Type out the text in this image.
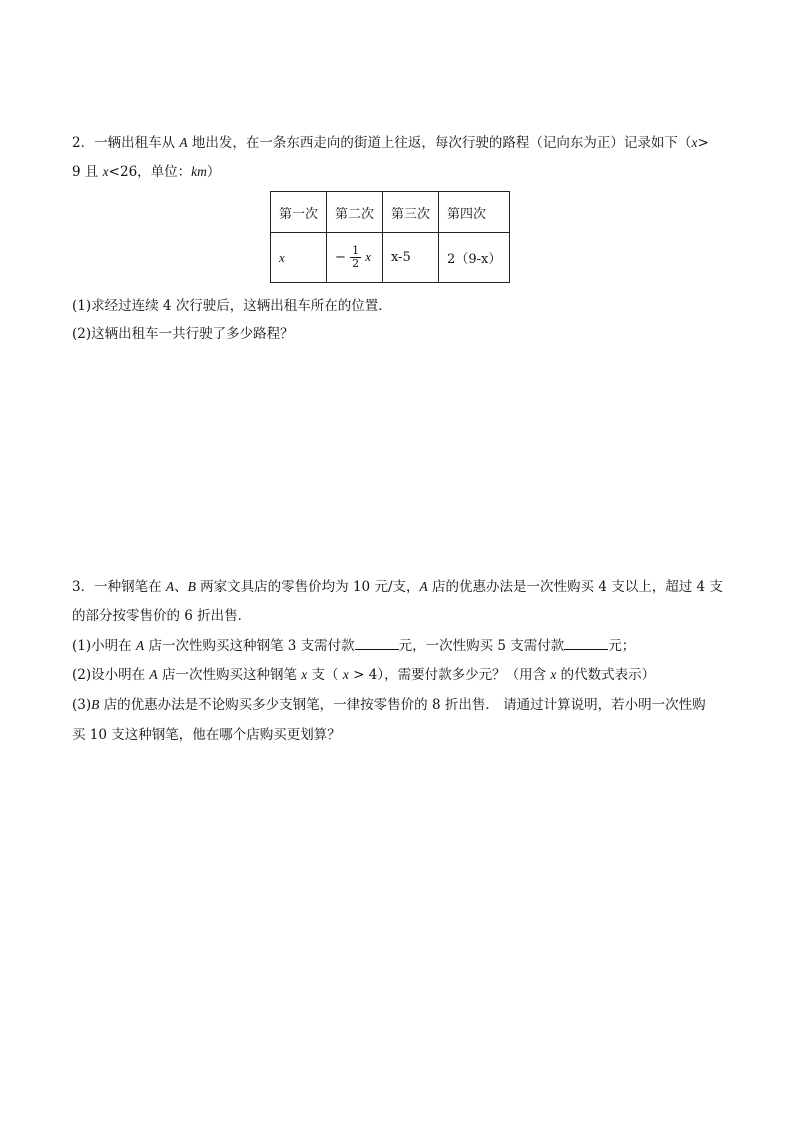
2．一辆出租车从 A 地出发，在一条东西走向的街道上往返，每次行驶的路程（记向东为正）记录如下（x>
9 且 x<26，单位：km）
第一次	第二次	第三次	第四次
x	− $\frac{1}{2}$ x	x-5	2（9-x）
(1)求经过连续 4 次行驶后，这辆出租车所在的位置．
(2)这辆出租车一共行驶了多少路程？
3．一种钢笔在 A、B 两家文具店的零售价均为 10 元/支，A 店的优惠办法是一次性购买 4 支以上，超过 4 支
的部分按零售价的 6 折出售．
(1)小明在 A 店一次性购买这种钢笔 3 支需付款	元，一次性购买 5 支需付款	元；
(2)设小明在 A 店一次性购买这种钢笔 x 支（ x > 4），需要付款多少元？（用含 x 的代数式表示）
(3)B 店的优惠办法是不论购买多少支钢笔，一律按零售价的 8 折出售． 请通过计算说明，若小明一次性购
买 10 支这种钢笔，他在哪个店购买更划算？
